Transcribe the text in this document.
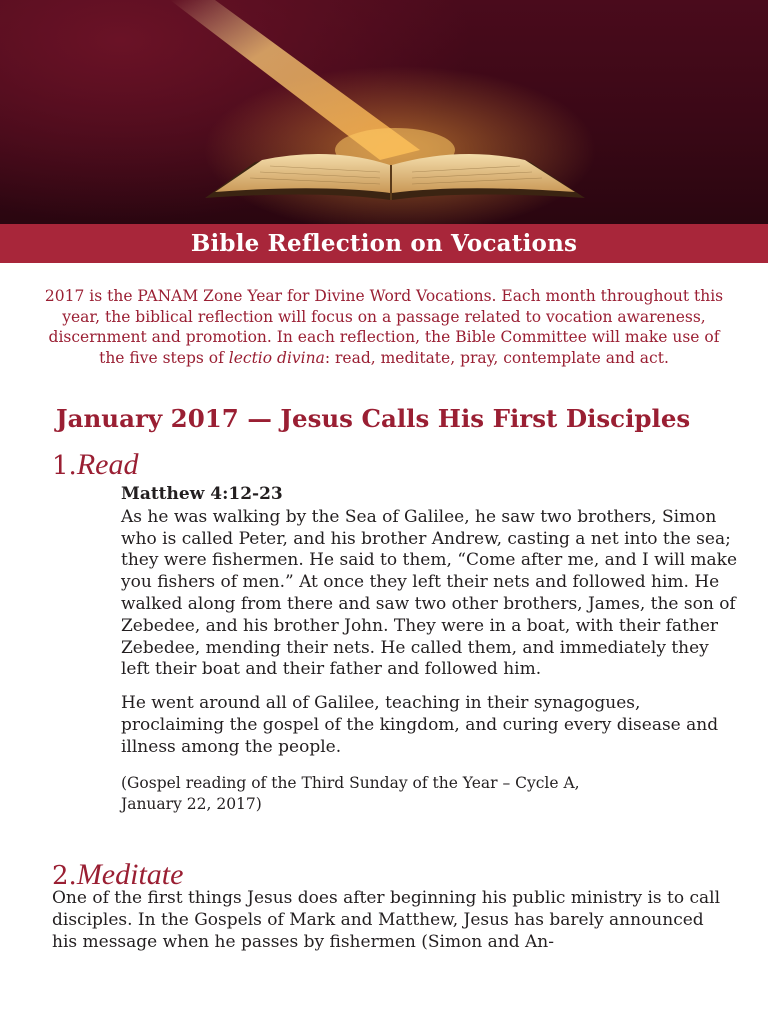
Bible Reflection on Vocations

2017 is the PANAM Zone Year for Divine Word Vocations. Each month throughout this year, the biblical reflection will focus on a passage related to vocation awareness, discernment and promotion. In each reflection, the Bible Committee will make use of the five steps of lectio divina: read, meditate, pray, contemplate and act.

January 2017 — Jesus Calls His First Disciples
1.Read

Matthew 4:12-23

As he was walking by the Sea of Galilee, he saw two brothers, Simon who is called Peter, and his brother Andrew, casting a net into the sea; they were fishermen. He said to them, “Come after me, and I will make you fishers of men.” At once they left their nets and followed him. He walked along from there and saw two other brothers, James, the son of Zebedee, and his brother John. They were in a boat, with their father Zebedee, mending their nets. He called them, and immediately they left their boat and their father and followed him.

He went around all of Galilee, teaching in their synagogues, proclaiming the gospel of the kingdom, and curing every disease and illness among the people.

(Gospel reading of the Third Sunday of the Year – Cycle A, January 22, 2017)

2.Meditate

One of the first things Jesus does after beginning his public ministry is to call disciples. In the Gospels of Mark and Matthew, Jesus has barely announced his message when he passes by fishermen (Simon and An-
